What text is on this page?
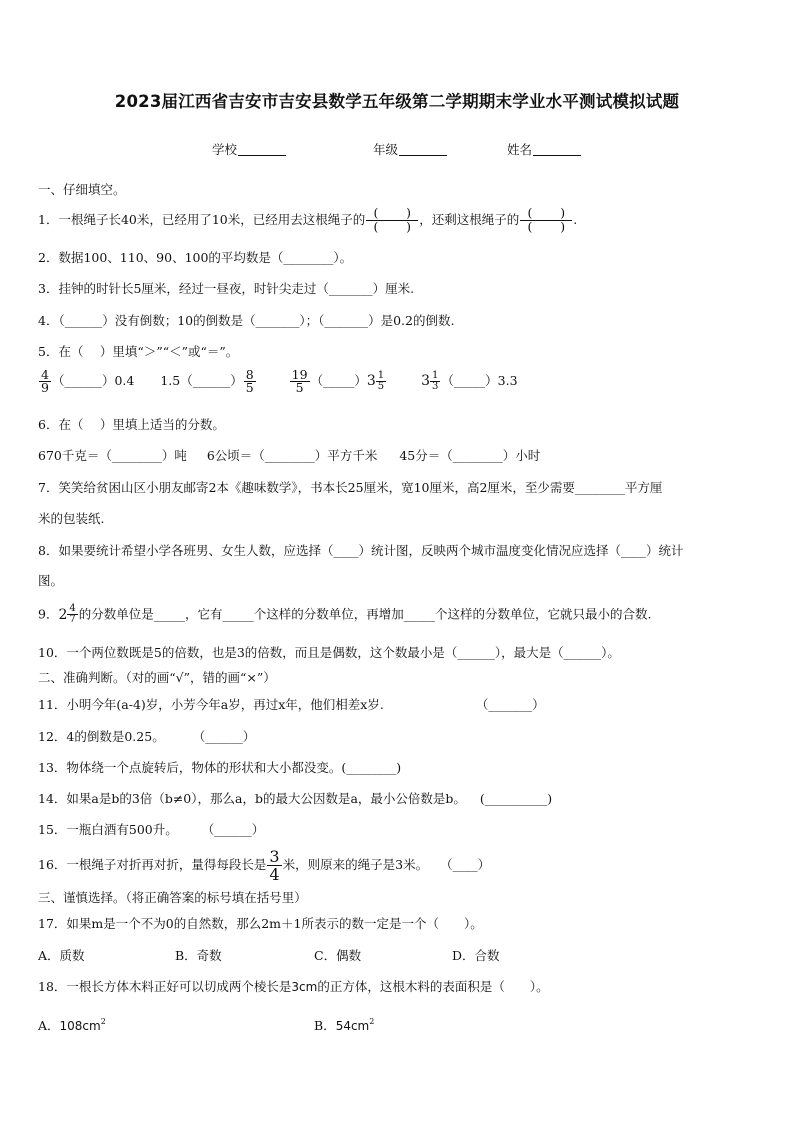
2023届江西省吉安市吉安县数学五年级第二学期期末学业水平测试模拟试题
学校	年级	姓名
一、仔细填空。
1．一根绳子长40米，已经用了10米，已经用去这根绳子的 $\frac{( )}{( )}$ ，还剩这根绳子的 $\frac{( )}{( )}$ .
2．数据100、110、90、100的平均数是（________）。
3．挂钟的时针长5厘米，经过一昼夜，时针尖走过（_______）厘米.
4．（______）没有倒数；10的倒数是（_______）；（_______）是0.2的倒数.
5．在（　 ）里填“＞”“＜”或“＝”。
$\frac{4}{9}$ （______）0.4 1.5（______） $\frac{8}{5}$
	$\frac{19}{5}$ （_____） $3 \frac{1}{5}$
$3 \frac{1}{3}$ （_____）3.3
6．在（　 ）里填上适当的分数。
670千克＝（________）吨 6公顷＝（________）平方千米 45分＝（________）小时
7．笑笑给贫困山区小朋友邮寄2本《趣味数学》，书本长25厘米，宽10厘米，高2厘米，至少需要________平方厘
米的包装纸.
8．如果要统计希望小学各班男、女生人数，应选择（____）统计图，反映两个城市温度变化情况应选择（____）统计
图。
9． $2 \frac{4}{7}$ 的分数单位是_____，它有_____个这样的分数单位，再增加_____个这样的分数单位，它就只最小的合数.
10．一个两位数既是5的倍数，也是3的倍数，而且是偶数，这个数最小是（______），最大是（______）。
二、准确判断。（对的画“√”，错的画“×”）
11．小明今年(a-4)岁，小芳今年a岁，再过x年，他们相差x岁.	（_______）
12．4的倒数是0.25。 （______）
13．物体绕一个点旋转后，物体的形状和大小都没变。(________)
14．如果a是b的3倍（b≠0），那么a，b的最大公因数是a，最小公倍数是b。 (__________)
15．一瓶白酒有500升。 （______）
16．一根绳子对折再对折，量得每段长是 $\frac{3}{4}$ 米，则原来的绳子是3米。 （____）
三、谨慎选择。（将正确答案的标号填在括号里）
17．如果m是一个不为0的自然数，那么2m＋1所表示的数一定是一个（　　）。
A．质数	B．奇数	C．偶数	D．合数
18．一根长方体木料正好可以切成两个棱长是3cm的正方体，这根木料的表面积是（　　）。
A．$108cm^2$	B．$54cm^2$
